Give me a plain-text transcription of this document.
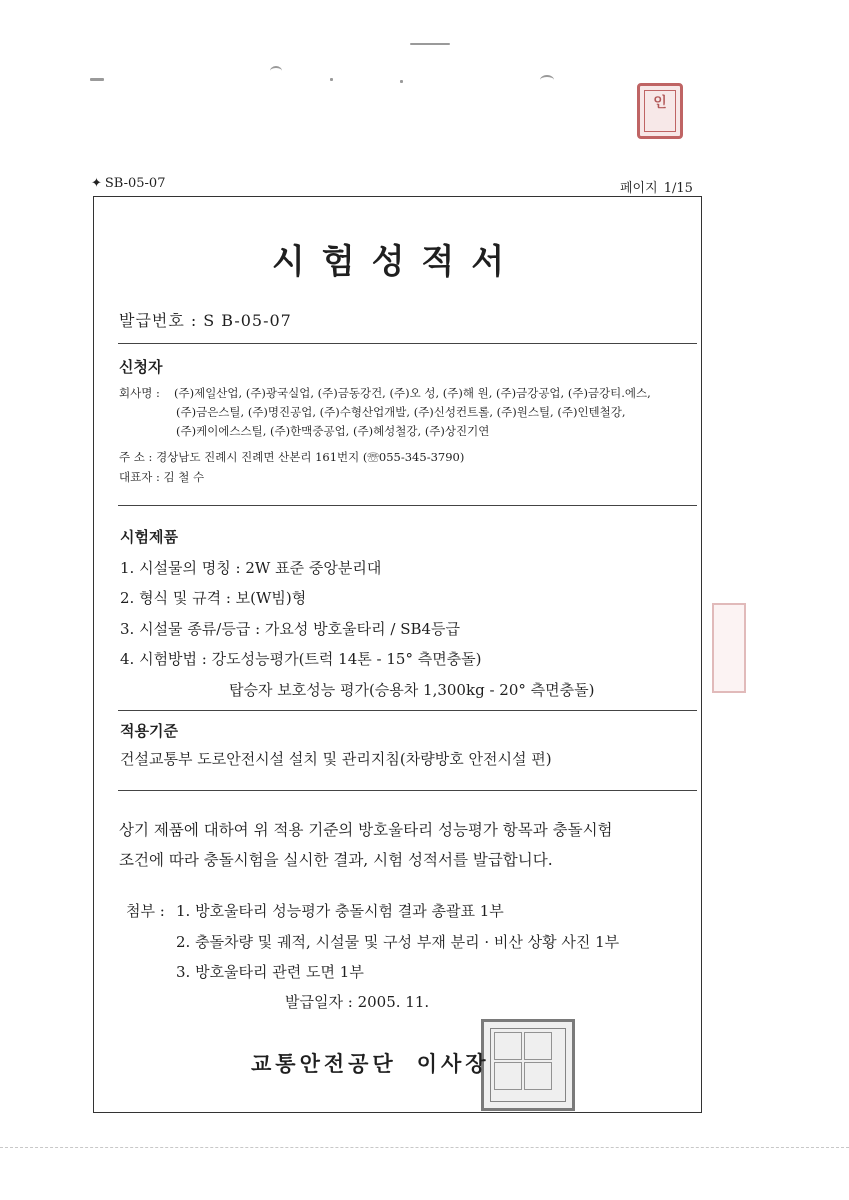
인
✦ SB-05-07	페이지 1/15
시험성적서
발급번호 : S B-05-07
신청자
회사명 : (주)제일산업, (주)광국실업, (주)금동강건, (주)오 성, (주)해 원, (주)금강공업, (주)금강티.에스,
(주)금은스틸, (주)명진공업, (주)수형산업개발, (주)신성컨트롤, (주)원스틸, (주)인텐철강,
(주)케이에스스틸, (주)한맥중공업, (주)혜성철강, (주)상진기연
주 소 : 경상남도 진례시 진례면 산본리 161번지 (☏055-345-3790)
대표자 : 김 철 수
시험제품
1. 시설물의 명칭 : 2W 표준 중앙분리대
2. 형식 및 규격 : 보(W빔)형
3. 시설물 종류/등급 : 가요성 방호울타리 / SB4등급
4. 시험방법 : 강도성능평가(트럭 14톤 - 15° 측면충돌)
탑승자 보호성능 평가(승용차 1,300kg - 20° 측면충돌)
적용기준
건설교통부 도로안전시설 설치 및 관리지침(차량방호 안전시설 편)
상기 제품에 대하여 위 적용 기준의 방호울타리 성능평가 항목과 충돌시험
조건에 따라 충돌시험을 실시한 결과, 시험 성적서를 발급합니다.
첨부 : 1. 방호울타리 성능평가 충돌시험 결과 총괄표 1부
2. 충돌차량 및 궤적, 시설물 및 구성 부재 분리 · 비산 상황 사진 1부
3. 방호울타리 관련 도면 1부
발급일자 : 2005. 11.
교통안전공단 이사장
